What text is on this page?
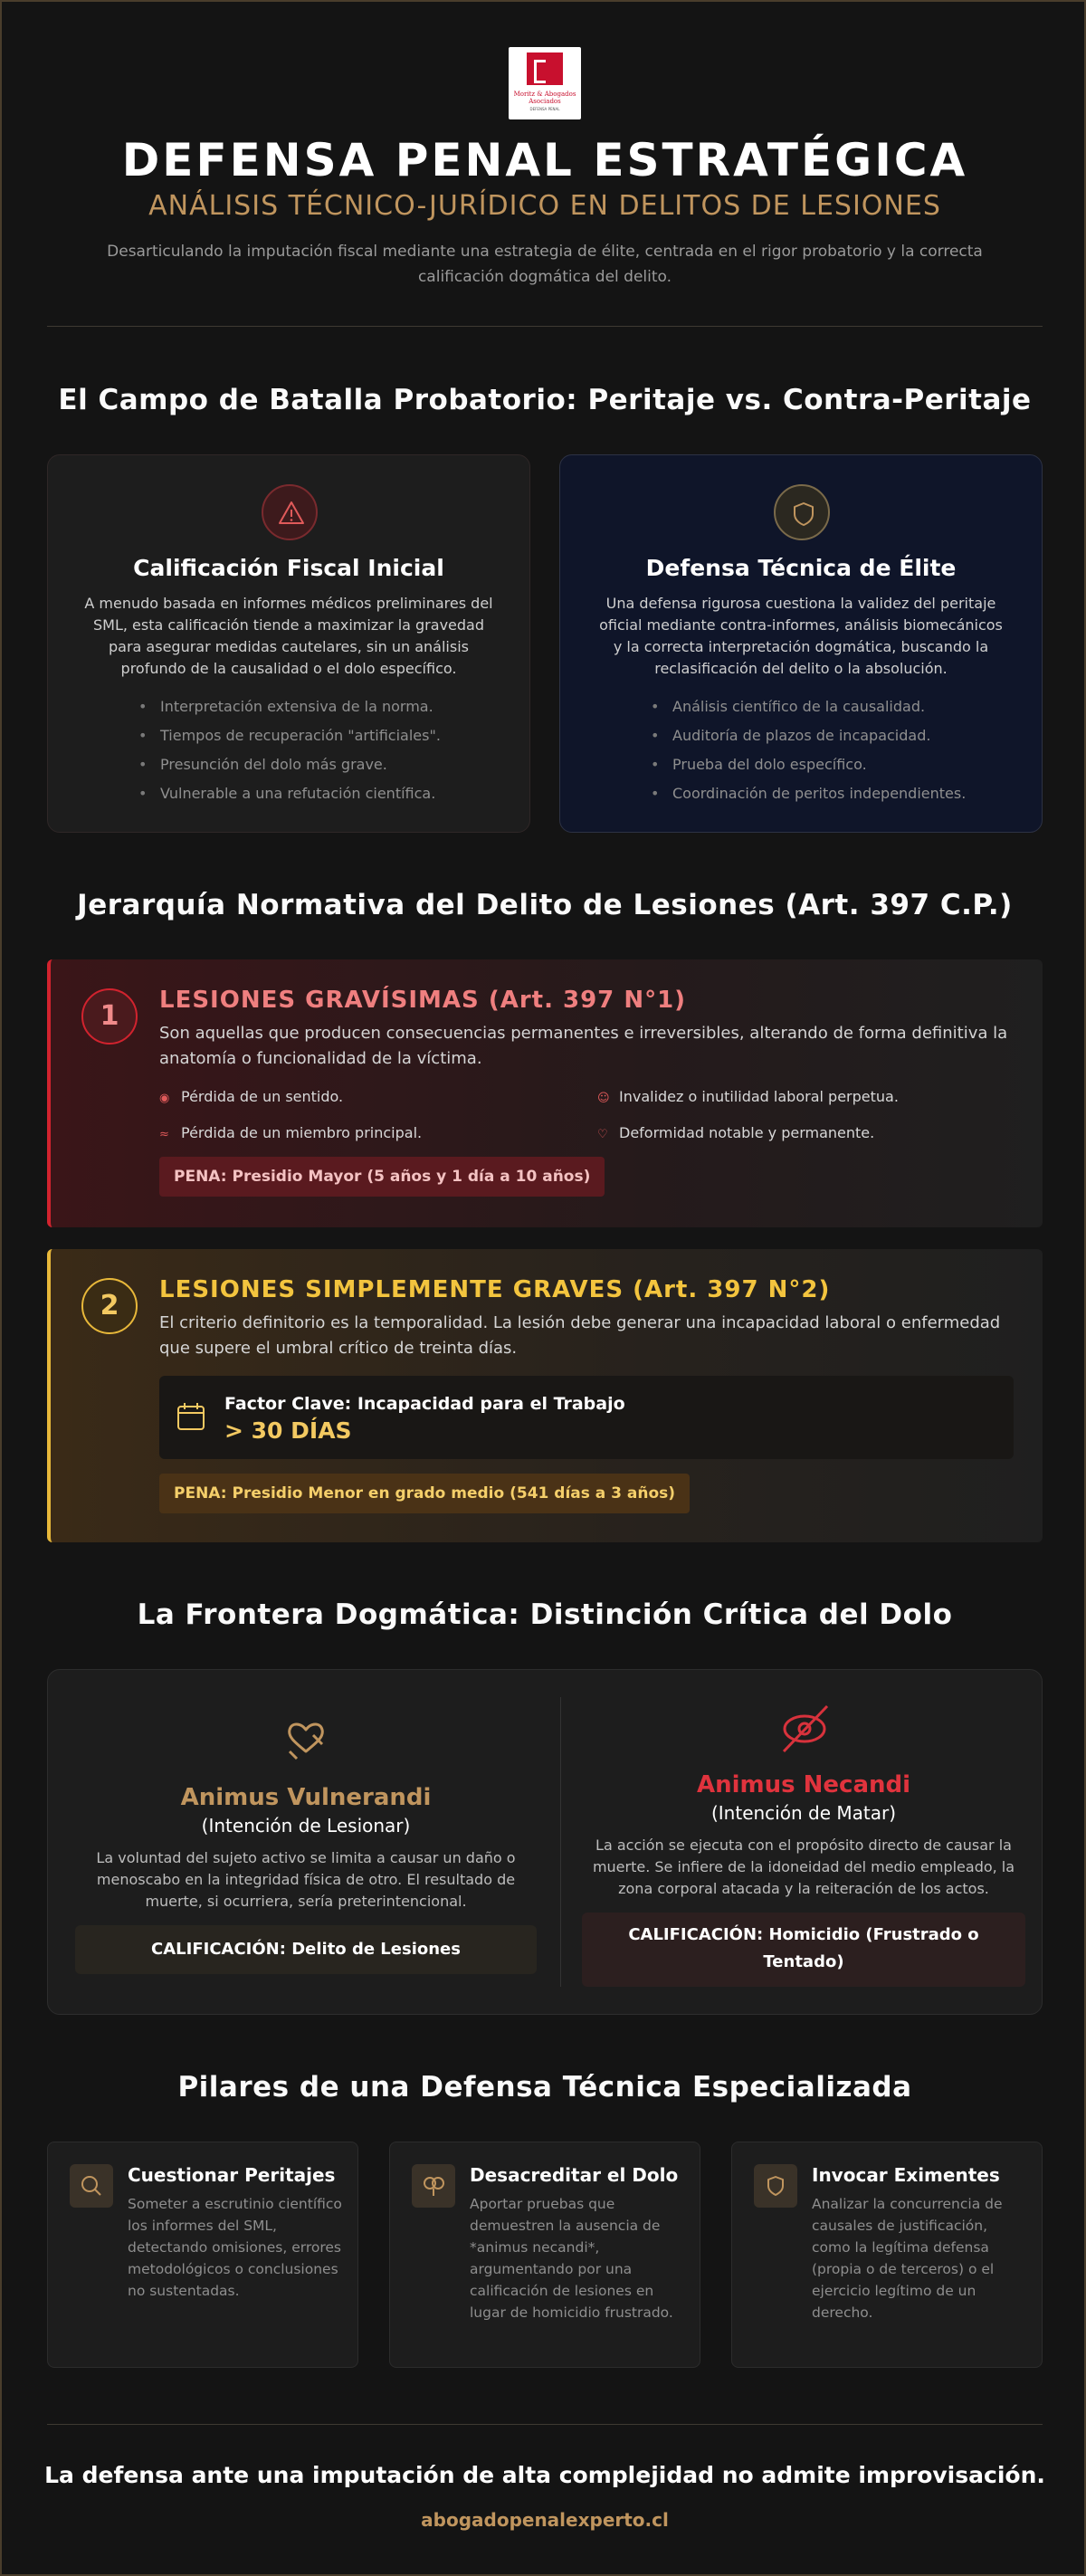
Moritz & Abogados Asociados
DEFENSA PENAL
DEFENSA PENAL ESTRATÉGICA
ANÁLISIS TÉCNICO-JURÍDICO EN DELITOS DE LESIONES
Desarticulando la imputación fiscal mediante una estrategia de élite, centrada en el rigor probatorio y la correcta calificación dogmática del delito.
El Campo de Batalla Probatorio: Peritaje vs. Contra-Peritaje
Calificación Fiscal Inicial
A menudo basada en informes médicos preliminares del SML, esta calificación tiende a maximizar la gravedad para asegurar medidas cautelares, sin un análisis profundo de la causalidad o el dolo específico.
• Interpretación extensiva de la norma.
• Tiempos de recuperación "artificiales".
• Presunción del dolo más grave.
• Vulnerable a una refutación científica.
Defensa Técnica de Élite
Una defensa rigurosa cuestiona la validez del peritaje oficial mediante contra-informes, análisis biomecánicos y la correcta interpretación dogmática, buscando la reclasificación del delito o la absolución.
• Análisis científico de la causalidad.
• Auditoría de plazos de incapacidad.
• Prueba del dolo específico.
• Coordinación de peritos independientes.
Jerarquía Normativa del Delito de Lesiones (Art. 397 C.P.)
1	LESIONES GRAVÍSIMAS (Art. 397 N°1)
Son aquellas que producen consecuencias permanentes e irreversibles, alterando de forma definitiva la anatomía o funcionalidad de la víctima.
◉ Pérdida de un sentido.	☺ Invalidez o inutilidad laboral perpetua.
≈ Pérdida de un miembro principal.	♡ Deformidad notable y permanente.
PENA: Presidio Mayor (5 años y 1 día a 10 años)
2	LESIONES SIMPLEMENTE GRAVES (Art. 397 N°2)
El criterio definitorio es la temporalidad. La lesión debe generar una incapacidad laboral o enfermedad que supere el umbral crítico de treinta días.
Factor Clave: Incapacidad para el Trabajo
> 30 DÍAS
PENA: Presidio Menor en grado medio (541 días a 3 años)
La Frontera Dogmática: Distinción Crítica del Dolo
Animus Vulnerandi
(Intención de Lesionar)
La voluntad del sujeto activo se limita a causar un daño o menoscabo en la integridad física de otro. El resultado de muerte, si ocurriera, sería preterintencional.
CALIFICACIÓN: Delito de Lesiones
Animus Necandi
(Intención de Matar)
La acción se ejecuta con el propósito directo de causar la muerte. Se infiere de la idoneidad del medio empleado, la zona corporal atacada y la reiteración de los actos.
CALIFICACIÓN: Homicidio (Frustrado o Tentado)
Pilares de una Defensa Técnica Especializada
Cuestionar Peritajes
Someter a escrutinio científico los informes del SML, detectando omisiones, errores metodológicos o conclusiones no sustentadas.
Desacreditar el Dolo
Aportar pruebas que demuestren la ausencia de *animus necandi*, argumentando por una calificación de lesiones en lugar de homicidio frustrado.
Invocar Eximentes
Analizar la concurrencia de causales de justificación, como la legítima defensa (propia o de terceros) o el ejercicio legítimo de un derecho.
La defensa ante una imputación de alta complejidad no admite improvisación.
abogadopenalexperto.cl
